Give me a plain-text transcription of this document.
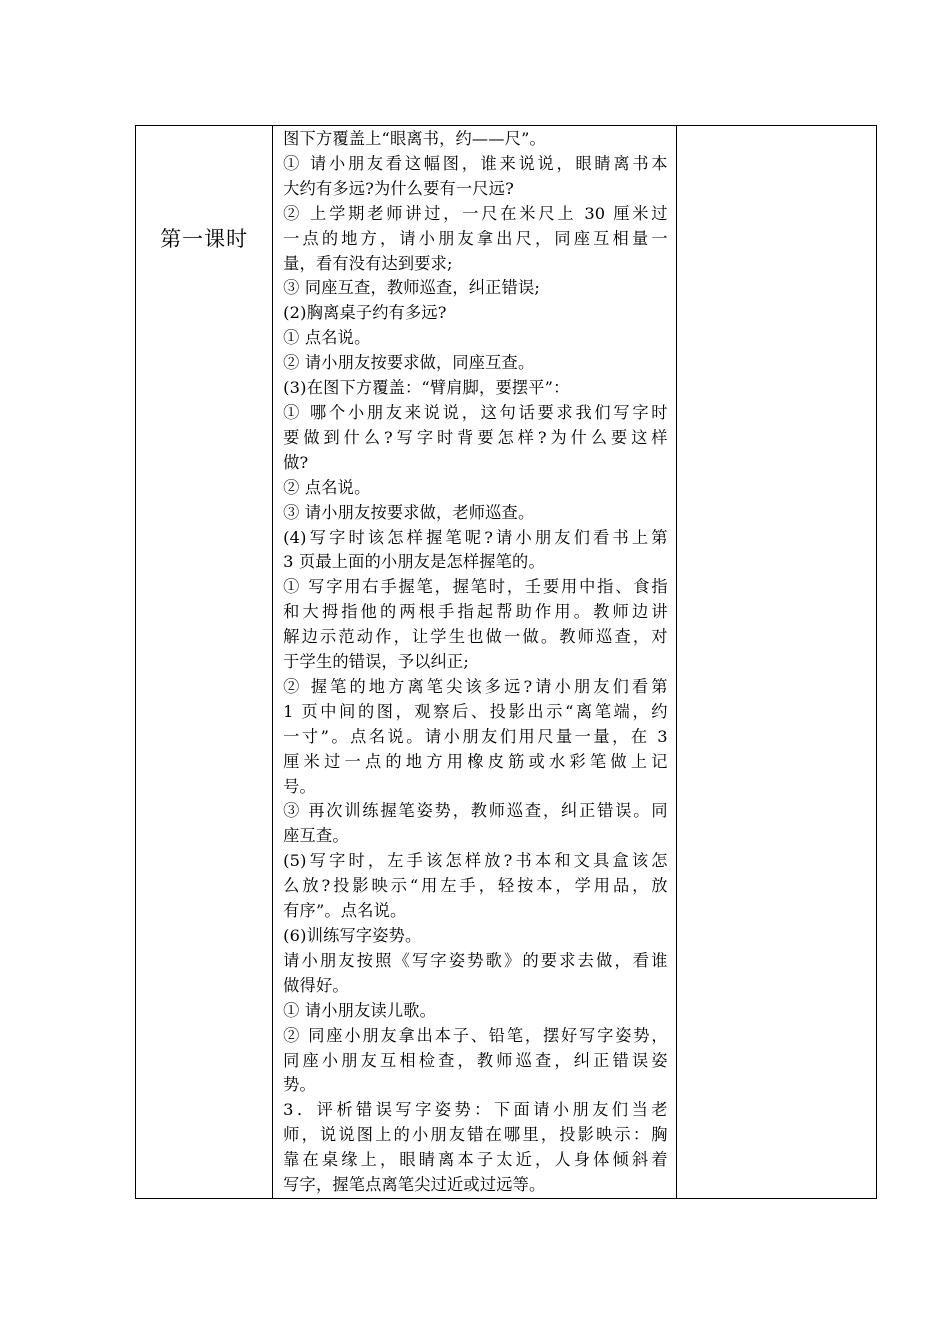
第一课时	
图下方覆盖上“眼离书，约——尺”。
① 请小朋友看这幅图，谁来说说，眼睛离书本
大约有多远?为什么要有一尺远?
② 上学期老师讲过，一尺在米尺上 30 厘米过
一点的地方，请小朋友拿出尺，同座互相量一
量，看有没有达到要求;
③ 同座互查，教师巡查，纠正错误;
(2)胸离桌子约有多远?
① 点名说。
② 请小朋友按要求做，同座互查。
(3)在图下方覆盖：“臂肩脚，要摆平”：
① 哪个小朋友来说说，这句话要求我们写字时
要做到什么?写字时背要怎样?为什么要这样
做?
② 点名说。
③ 请小朋友按要求做，老师巡查。
(4)写字时该怎样握笔呢?请小朋友们看书上第
3 页最上面的小朋友是怎样握笔的。
① 写字用右手握笔，握笔时，壬要用中指、食指
和大拇指他的两根手指起帮助作用。教师边讲
解边示范动作，让学生也做一做。教师巡查，对
于学生的错误，予以纠正;
② 握笔的地方离笔尖该多远?请小朋友们看第
1 页中间的图，观察后、投影出示“离笔端，约
一寸”。点名说。请小朋友们用尺量一量，在 3
厘米过一点的地方用橡皮筋或水彩笔做上记
号。
③ 再次训练握笔姿势，教师巡查，纠正错误。同
座互查。
(5)写字时，左手该怎样放?书本和文具盒该怎
么放?投影映示“用左手，轻按本，学用品，放
有序”。点名说。
(6)训练写字姿势。
请小朋友按照《写字姿势歌》的要求去做，看谁
做得好。
① 请小朋友读儿歌。
② 同座小朋友拿出本子、铅笔，摆好写字姿势，
同座小朋友互相检查，教师巡查，纠正错误姿
势。
3．评析错误写字姿势：下面请小朋友们当老
师，说说图上的小朋友错在哪里，投影映示：胸
靠在桌缘上，眼睛离本子太近，人身体倾斜着
写字，握笔点离笔尖过近或过远等。
